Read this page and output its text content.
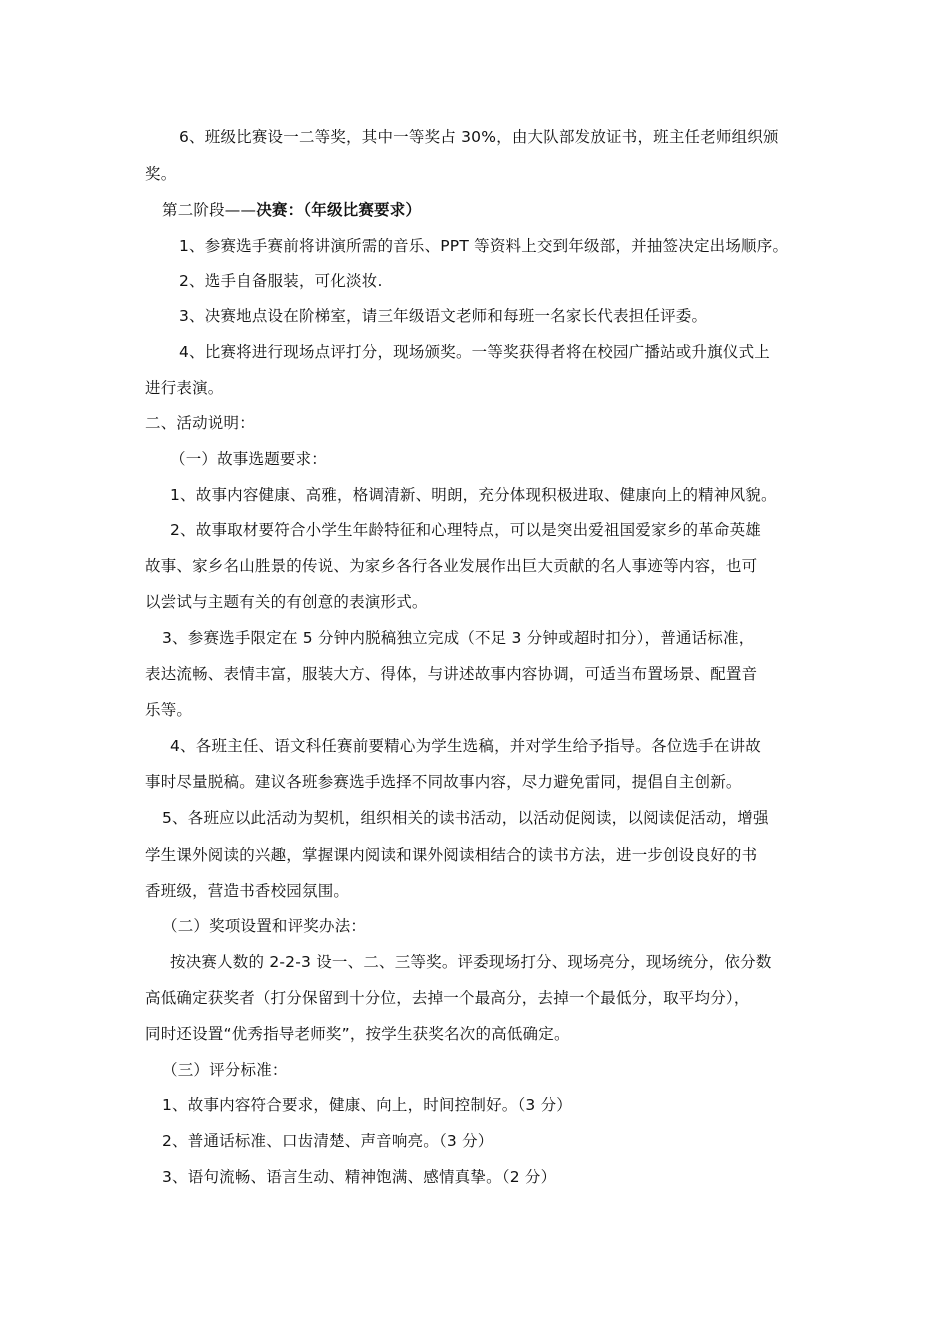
6、班级比赛设一二等奖，其中一等奖占 30%，由大队部发放证书，班主任老师组织颁
奖。
第二阶段——决赛：（年级比赛要求）
1、参赛选手赛前将讲演所需的音乐、PPT 等资料上交到年级部，并抽签决定出场顺序。
2、选手自备服装，可化淡妆.
3、决赛地点设在阶梯室，请三年级语文老师和每班一名家长代表担任评委。
4、比赛将进行现场点评打分，现场颁奖。一等奖获得者将在校园广播站或升旗仪式上
进行表演。
二、活动说明：
（一）故事选题要求：
1、故事内容健康、高雅，格调清新、明朗，充分体现积极进取、健康向上的精神风貌。
2、故事取材要符合小学生年龄特征和心理特点，可以是突出爱祖国爱家乡的革命英雄
故事、家乡名山胜景的传说、为家乡各行各业发展作出巨大贡献的名人事迹等内容，也可
以尝试与主题有关的有创意的表演形式。
3、参赛选手限定在 5 分钟内脱稿独立完成（不足 3 分钟或超时扣分），普通话标准，
表达流畅、表情丰富，服装大方、得体，与讲述故事内容协调，可适当布置场景、配置音
乐等。
4、各班主任、语文科任赛前要精心为学生选稿，并对学生给予指导。各位选手在讲故
事时尽量脱稿。建议各班参赛选手选择不同故事内容，尽力避免雷同，提倡自主创新。
5、各班应以此活动为契机，组织相关的读书活动，以活动促阅读，以阅读促活动，增强
学生课外阅读的兴趣，掌握课内阅读和课外阅读相结合的读书方法，进一步创设良好的书
香班级，营造书香校园氛围。
（二）奖项设置和评奖办法：
按决赛人数的 2-2-3 设一、二、三等奖。评委现场打分、现场亮分，现场统分，依分数
高低确定获奖者（打分保留到十分位，去掉一个最高分，去掉一个最低分，取平均分），
同时还设置“优秀指导老师奖”，按学生获奖名次的高低确定。
（三）评分标准：
1、故事内容符合要求，健康、向上，时间控制好。（3 分）
2、普通话标准、口齿清楚、声音响亮。（3 分）
3、语句流畅、语言生动、精神饱满、感情真挚。（2 分）
